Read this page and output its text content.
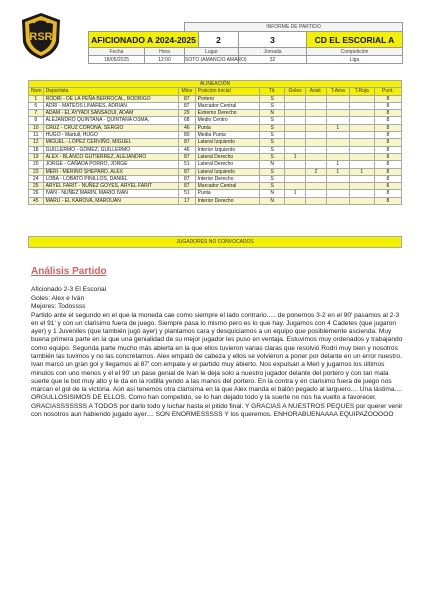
RSR
		INFORME DE PARTIDO			
AFICIONADO A 2024-2025			2	3	CD EL ESCORIAL A
Fecha	Hora	Lugar		Jornada	Competición
18/05/2025	12:00	SOTO (AMANCIO AMARO)		32	Liga
ALINEACIÓN									
Num	Deportista	Mins	Posición Inicial	Tit.	Goles	Asist.	T.Ama	T.Roja	Punt.
1	RODRI - DE LA PEÑA BERROCAL, RODRIGO	87	Portero	S					8
5	ADRI - MATEOS LINARES, ADRIAN	87	Marcador Central	S					8
7	ADAM - EL AYYADI SANSAOUI, ADAM	29	Extremo Derecho	N					8
8	ALEJANDRO QUINTANA - QUINTANA OSMA,	68	Medio Centro	S					8
10	CRUZ - CRUZ CORONA, SERGIO	46	Punta	S			1		8
11	HUGO - Martull, HUGO	80	Media Punta	S					8
12	MIGUEL - LOPEZ CERVIÑO, MIGUEL	87	Lateral Izquierdo	S					8
18	GUILLERMO - GÓMEZ, GUILLERMO	46	Interior Izquierdo	S					8
19	ALEX - BLANCO GUTIERREZ, ALEJANDRO	87	Lateral Derecho	S	1				8
20	JORGE - CAÑADA PORRO, JORGE	51	Lateral Derecho	N			1		8
23	MERI - MERINO SHEPARD, ALEX	87	Lateral Izquierdo	S		2	1	1	8
24	LOBA - LOBATO PINILLOS, DANIEL	87	Interior Derecho	S					8
25	ARYEL FARIT - NUÑEZ GOYES, ARYEL FARIT	87	Marcador Central	S					8
26	IVAN - NUÑEZ MARIN, MARIO IVAN	51	Punta	N	1				8
45	MARU - EL KAROVA, MAROUAN	17	Interior Derecho	N					8
JUGADORES NO CONVOCADOS
Análisis Partido
Aficionado 2-3 El Escorial
Goles: Alex e Iván
Mejores: Todossss
Partido ante el segundo en el que la moneda cae como siempre el lado contrario..... de ponernos 3-2 en el 90' pasamos al 2-3 en el 91' y con un clarisimo fuera de juego. Siempre pasa lo mismo pero es lo que hay. Jugamos con 4 Cadetes (que jugaron ayer) y 1 Juveniles (que también jugó ayer) y plantamos cara y desquiciamos a un equipo que posiblemente ascienda. Muy buena primera parte en la que una genialidad de su mejor jugador les puso en ventaja. Estuvimos muy ordenados y trabajando como equipo. Segunda parte mucho más abierta en la que ellos tuvieron varias claras que resolvió Rodri muy bien y nosotros también las tuvimos y no las concretamos. Alex empató de cabeza y ellos se volvieron a poner por delante en un error nuestro. Ivan marcó un gran gol y llegamos al 87' con empate y el partido muy abierto. Nos expulsan a Meri y jugamos los últimos minutos con uno menos y el el 90' un pase genial de Ivan le deja solo a nuestro jugador delante del portero y con tan mala suerte que le bot muy alto y le da en la rodilla yendo a las manos del portero. En la contra y en clarisimo fuera de juego nos marcan el gol de la victoria. Aún así tenemos otra clarísima en la que Alex manda el balón pegado al larguero.... Una lástima.... ORGULLOSISIMOS DE ELLOS. Como han competido, se lo han dejado todo y la suerte no nos ha vuelto a favorecer. GRACIASSSSSSS A TODOS por darlo todo y luchar hasta el pitido final. Y GRACIAS A NUESTROS PEQUES por querer venir con nosotros aun habiendo jugado ayer.... SON ENORMESSSSS Y los queremos. ENHORABUENAAAA EQUIPAZOOOOO
